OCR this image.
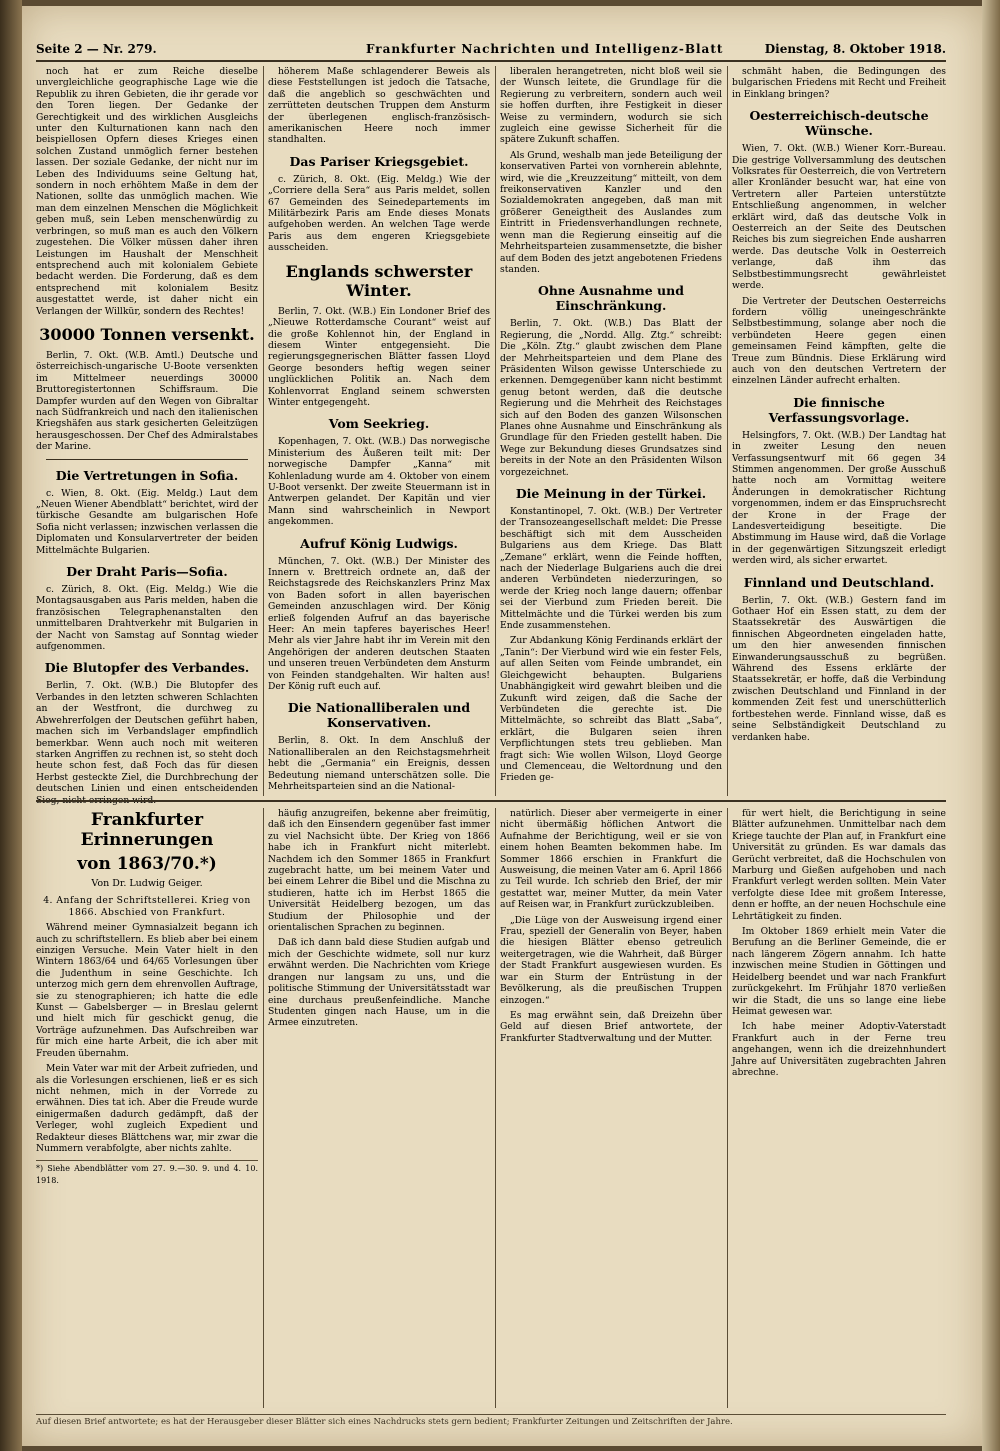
Seite 2 — Nr. 279.	Frankfurter Nachrichten und Intelligenz-Blatt	Dienstag, 8. Oktober 1918.

noch hat er zum Reiche dieselbe unvergleichliche geographische Lage wie die Republik zu ihren Gebieten, die ihr gerade vor den Toren liegen. Der Gedanke der Gerechtigkeit und des wirklichen Ausgleichs unter den Kulturnationen kann nach den beispiellosen Opfern dieses Krieges einen solchen Zustand unmöglich ferner bestehen lassen. Der soziale Gedanke, der nicht nur im Leben des Individuums seine Geltung hat, sondern in noch erhöhtem Maße in dem der Nationen, sollte das unmöglich machen. Wie man dem einzelnen Menschen die Möglichkeit geben muß, sein Leben menschenwürdig zu verbringen, so muß man es auch den Völkern zugestehen. Die Völker müssen daher ihren Leistungen im Haushalt der Menschheit entsprechend auch mit kolonialem Gebiete bedacht werden. Die Forderung, daß es dem entsprechend mit kolonialem Besitz ausgestattet werde, ist daher nicht ein Verlangen der Willkür, sondern des Rechtes!

30000 Tonnen versenkt.

Berlin, 7. Okt. (W.B. Amtl.) Deutsche und österreichisch-ungarische U-Boote versenkten im Mittelmeer neuerdings 30000 Bruttoregistertonnen Schiffsraum. Die Dampfer wurden auf den Wegen von Gibraltar nach Südfrankreich und nach den italienischen Kriegshäfen aus stark gesicherten Geleitzügen herausgeschossen. Der Chef des Admiralstabes der Marine.

Die Vertretungen in Sofia.

c. Wien, 8. Okt. (Eig. Meldg.) Laut dem „Neuen Wiener Abendblatt“ berichtet, wird der türkische Gesandte am bulgarischen Hofe Sofia nicht verlassen; inzwischen verlassen die Diplomaten und Konsularvertreter der beiden Mittelmächte Bulgarien.

Der Draht Paris—Sofia.

c. Zürich, 8. Okt. (Eig. Meldg.) Wie die Montagsausgaben aus Paris melden, haben die französischen Telegraphenanstalten den unmittelbaren Drahtverkehr mit Bulgarien in der Nacht von Samstag auf Sonntag wieder aufgenommen.

Die Blutopfer des Verbandes.

Berlin, 7. Okt. (W.B.) Die Blutopfer des Verbandes in den letzten schweren Schlachten an der Westfront, die durchweg zu Abwehrerfolgen der Deutschen geführt haben, machen sich im Verbandslager empfindlich bemerkbar. Wenn auch noch mit weiteren starken Angriffen zu rechnen ist, so steht doch heute schon fest, daß Foch das für diesen Herbst gesteckte Ziel, die Durchbrechung der deutschen Linien und einen entscheidenden

höherem Maße schlagenderer Beweis als diese Feststellungen ist jedoch die Tatsache, daß die angeblich so geschwächten und zerrütteten deutschen Truppen dem Ansturm der überlegenen englisch-französisch-amerikanischen Heere noch immer standhalten.

Das Pariser Kriegsgebiet.

c. Zürich, 8. Okt. (Eig. Meldg.) Wie der „Corriere della Sera“ aus Paris meldet, sollen 67 Gemeinden des Seinedepartements im Militärbezirk Paris am Ende dieses Monats aufgehoben werden. An welchen Tage werde Paris aus dem engeren Kriegsgebiete ausscheiden.

Englands schwerster Winter.

Berlin, 7. Okt. (W.B.) Ein Londoner Brief des „Nieuwe Rotterdamsche Courant“ weist auf die große Kohlennot hin, der England in diesem Winter entgegensieht. Die regierungsgegnerischen Blätter fassen Lloyd George besonders heftig wegen seiner unglücklichen Politik an. Nach dem Kohlenvorrat England seinem schwersten Winter entgegengeht.

Vom Seekrieg.

Kopenhagen, 7. Okt. (W.B.) Das norwegische Ministerium des Äußeren teilt mit: Der norwegische Dampfer „Kanna“ mit Kohlenladung wurde am 4. Oktober von einem U-Boot versenkt. Der zweite Steuermann ist in Antwerpen gelandet. Der Kapitän und vier Mann sind wahrscheinlich in Newport angekommen.

Aufruf König Ludwigs.

München, 7. Okt. (W.B.) Der Minister des Innern v. Brettreich ordnete an, daß der Reichstagsrede des Reichskanzlers Prinz Max von Baden sofort in allen bayerischen Gemeinden anzuschlagen wird. Der König erließ folgenden Aufruf an das bayerische Heer: An mein tapferes bayerisches Heer! Mehr als vier Jahre habt ihr im Verein mit den Angehörigen der anderen deutschen Staaten und unseren treuen Verbündeten dem Ansturm von Feinden standgehalten. Wir halten aus! Der König ruft euch auf.

Die Nationalliberalen und Konservativen.

Berlin, 8. Okt. In dem Anschluß der Nationalliberalen an den Reichstagsmehrheit hebt die „Germania“ ein Ereignis, dessen Bedeutung niemand unterschätzen solle. Die Mehrheitsparteien sind an die National-

liberalen herangetreten, nicht bloß weil sie der Wunsch leitete, die Grundlage für die Regierung zu verbreitern, sondern auch weil sie hoffen durften, ihre Festigkeit in dieser Weise zu vermindern, wodurch sie sich zugleich eine gewisse Sicherheit für die spätere Zukunft schaffen.

Als Grund, weshalb man jede Beteiligung der konservativen Partei von vornherein ablehnte, wird, wie die „Kreuzzeitung“ mitteilt, von dem freikonservativen Kanzler und den Sozialdemokraten angegeben, daß man mit größerer Geneigtheit des Auslandes zum Eintritt in Friedensverhandlungen rechnete, wenn man die Regierung einseitig auf die Mehrheitsparteien zusammensetzte, die bisher auf dem Boden des jetzt angebotenen Friedens standen.

Ohne Ausnahme und Einschränkung.

Berlin, 7. Okt. (W.B.) Das Blatt der Regierung, die „Nordd. Allg. Ztg.“ schreibt: Die „Köln. Ztg.“ glaubt zwischen dem Plane der Mehrheitsparteien und dem Plane des Präsidenten Wilson gewisse Unterschiede zu erkennen. Demgegenüber kann nicht bestimmt genug betont werden, daß die deutsche Regierung und die Mehrheit des Reichstages sich auf den Boden des ganzen Wilsonschen Planes ohne Ausnahme und Einschränkung als Grundlage für den Frieden gestellt haben. Die Wege zur Bekundung dieses Grundsatzes sind bereits in der Note an den Präsidenten Wilson vorgezeichnet.

Die Meinung in der Türkei.

Konstantinopel, 7. Okt. (W.B.) Der Vertreter der Transozeangesellschaft meldet: Die Presse beschäftigt sich mit dem Ausscheiden Bulgariens aus dem Kriege. Das Blatt „Zemane“ erklärt, wenn die Feinde hofften, nach der Niederlage Bulgariens auch die drei anderen Verbündeten niederzuringen, so werde der Krieg noch lange dauern; offenbar sei der Vierbund zum Frieden bereit. Die Mittelmächte und die Türkei werden bis zum Ende zusammenstehen.

Zur Abdankung König Ferdinands erklärt der „Tanin“: Der Vierbund wird wie ein fester Fels, auf allen Seiten vom Feinde umbrandet, ein Gleichgewicht behaupten. Bulgariens Unabhängigkeit wird gewahrt bleiben und die Zukunft wird zeigen, daß die Sache der Verbündeten die gerechte ist. Die Mittelmächte, so schreibt das Blatt „Saba“, erklärt, die Bulgaren seien ihren Verpflichtungen stets treu geblieben. Man fragt sich: Wie wollen Wilson, Lloyd George und Clemenceau, die Weltordnung und den Frieden ge-

schmäht haben, die Bedingungen des bulgarischen Friedens mit Recht und Freiheit in Einklang bringen?

Oesterreichisch-deutsche Wünsche.

Wien, 7. Okt. (W.B.) Wiener Korr.-Bureau. Die gestrige Vollversammlung des deutschen Volksrates für Oesterreich, die von Vertretern aller Kronländer besucht war, hat eine von Vertretern aller Parteien unterstützte Entschließung angenommen, in welcher erklärt wird, daß das deutsche Volk in Oesterreich an der Seite des Deutschen Reiches bis zum siegreichen Ende ausharren werde. Das deutsche Volk in Oesterreich verlange, daß ihm das Selbstbestimmungsrecht gewährleistet werde.

Die Vertreter der Deutschen Oesterreichs fordern völlig uneingeschränkte Selbstbestimmung, solange aber noch die verbündeten Heere gegen einen gemeinsamen Feind kämpften, gelte die Treue zum Bündnis. Diese Erklärung wird auch von den deutschen Vertretern der einzelnen Länder aufrecht erhalten.

Die finnische Verfassungsvorlage.

Helsingfors, 7. Okt. (W.B.) Der Landtag hat in zweiter Lesung den neuen Verfassungsentwurf mit 66 gegen 34 Stimmen angenommen. Der große Ausschuß hatte noch am Vormittag weitere Änderungen in demokratischer Richtung vorgenommen, indem er das Einspruchsrecht der Krone in der Frage der Landesverteidigung beseitigte. Die Abstimmung im Hause wird, daß die Vorlage in der gegenwärtigen Sitzungszeit erledigt werden wird, als sicher erwartet.

Finnland und Deutschland.

Berlin, 7. Okt. (W.B.) Gestern fand im Gothaer Hof ein Essen statt, zu dem der Staatssekretär des Auswärtigen die finnischen Abgeordneten eingeladen hatte, um den hier anwesenden finnischen Einwanderungsausschuß zu begrüßen. Während des Essens erklärte der Staatssekretär, er hoffe, daß die Verbindung zwischen Deutschland und Finnland in der kommenden Zeit fest und unerschütterlich fortbestehen werde. Finnland wisse, daß es seine Selbständigkeit Deutschland zu verdanken habe.

Frankfurter Erinnerungen
von 1863/70.*)
Von Dr. Ludwig Geiger.

4. Anfang der Schriftstellerei. Krieg von 1866. Abschied von Frankfurt.

Während meiner Gymnasialzeit begann ich auch zu schriftstellern. Es blieb aber bei einem einzigen Versuche. Mein Vater hielt in den Wintern 1863/64 und 64/65 Vorlesungen über die Judenthum in seine Geschichte. Ich unterzog mich gern dem ehrenvollen Auftrage, sie zu stenographieren; ich hatte die edle Kunst — Gabelsberger — in Breslau gelernt und hielt mich für geschickt genug, die Vorträge aufzunehmen. Das Aufschreiben war für mich eine harte Arbeit, die ich aber mit Freuden übernahm.

Mein Vater war mit der Arbeit zufrieden, und als die Vorlesungen erschienen, ließ er es sich nicht nehmen, mich in der Vorrede zu erwähnen. Dies tat ich. Aber die Freude wurde einigermaßen dadurch gedämpft, daß der Verleger, wohl zugleich Expedient und Redakteur dieses Blättchens war, mir zwar die Nummern verabfolgte, aber nichts zahlte.

*) Siehe Abendblätter vom 27. 9.—30. 9. und 4. 10. 1918.

häufig anzugreifen, bekenne aber freimütig, daß ich den Einsendern gegenüber fast immer zu viel Nachsicht übte. Der Krieg von 1866 habe ich in Frankfurt nicht miterlebt. Nachdem ich den Sommer 1865 in Frankfurt zugebracht hatte, um bei meinem Vater und bei einem Lehrer die Bibel und die Mischna zu studieren, hatte ich im Herbst 1865 die Universität Heidelberg bezogen, um das Studium der Philosophie und der orientalischen Sprachen zu beginnen.

Daß ich dann bald diese Studien aufgab und mich der Geschichte widmete, soll nur kurz erwähnt werden. Die Nachrichten vom Kriege drangen nur langsam zu uns, und die politische Stimmung der Universitätsstadt war eine durchaus preußenfeindliche. Manche Studenten gingen nach Hause, um in die Armee einzutreten.

natürlich. Dieser aber vermeigerte in einer nicht übermäßig höflichen Antwort die Aufnahme der Berichtigung, weil er sie von einem hohen Beamten bekommen habe. Im Sommer 1866 erschien in Frankfurt die Ausweisung, die meinen Vater am 6. April 1866 zu Teil wurde. Ich schrieb den Brief, der mir gestattet war, meiner Mutter, da mein Vater auf Reisen war, in Frankfurt zurückzubleiben.

„Die Lüge von der Ausweisung irgend einer Frau, speziell der Generalin von Beyer, haben die hiesigen Blätter ebenso getreulich weitergetragen, wie die Wahrheit, daß Bürger der Stadt Frankfurt ausgewiesen wurden. Es war ein Sturm der Entrüstung in der Bevölkerung, als die preußischen Truppen einzogen.“

Es mag erwähnt sein, daß Dreizehn über Geld auf diesen Brief antwortete, der Frankfurter Stadtverwaltung und der Mutter.

für wert hielt, die Berichtigung in seine Blätter aufzunehmen. Unmittelbar nach dem Kriege tauchte der Plan auf, in Frankfurt eine Universität zu gründen. Es war damals das Gerücht verbreitet, daß die Hochschulen von Marburg und Gießen aufgehoben und nach Frankfurt verlegt werden sollten. Mein Vater verfolgte diese Idee mit großem Interesse, denn er hoffte, an der neuen Hochschule eine Lehrtätigkeit zu finden.

Im Oktober 1869 erhielt mein Vater die Berufung an die Berliner Gemeinde, die er nach längerem Zögern annahm. Ich hatte inzwischen meine Studien in Göttingen und Heidelberg beendet und war nach Frankfurt zurückgekehrt. Im Frühjahr 1870 verließen wir die Stadt, die uns so lange eine liebe Heimat gewesen war.

Ich habe meiner Adoptiv-Vaterstadt Frankfurt auch in der Ferne treu angehangen, wenn ich die dreizehnhundert Jahre auf Universitäten zugebrachten Jahren abrechne.

Auf diesen Brief antwortete; es hat der Herausgeber dieser Blätter sich eines Nachdrucks stets gern bedient; Frankfurter Zeitungen und Zeitschriften der Jahre.
